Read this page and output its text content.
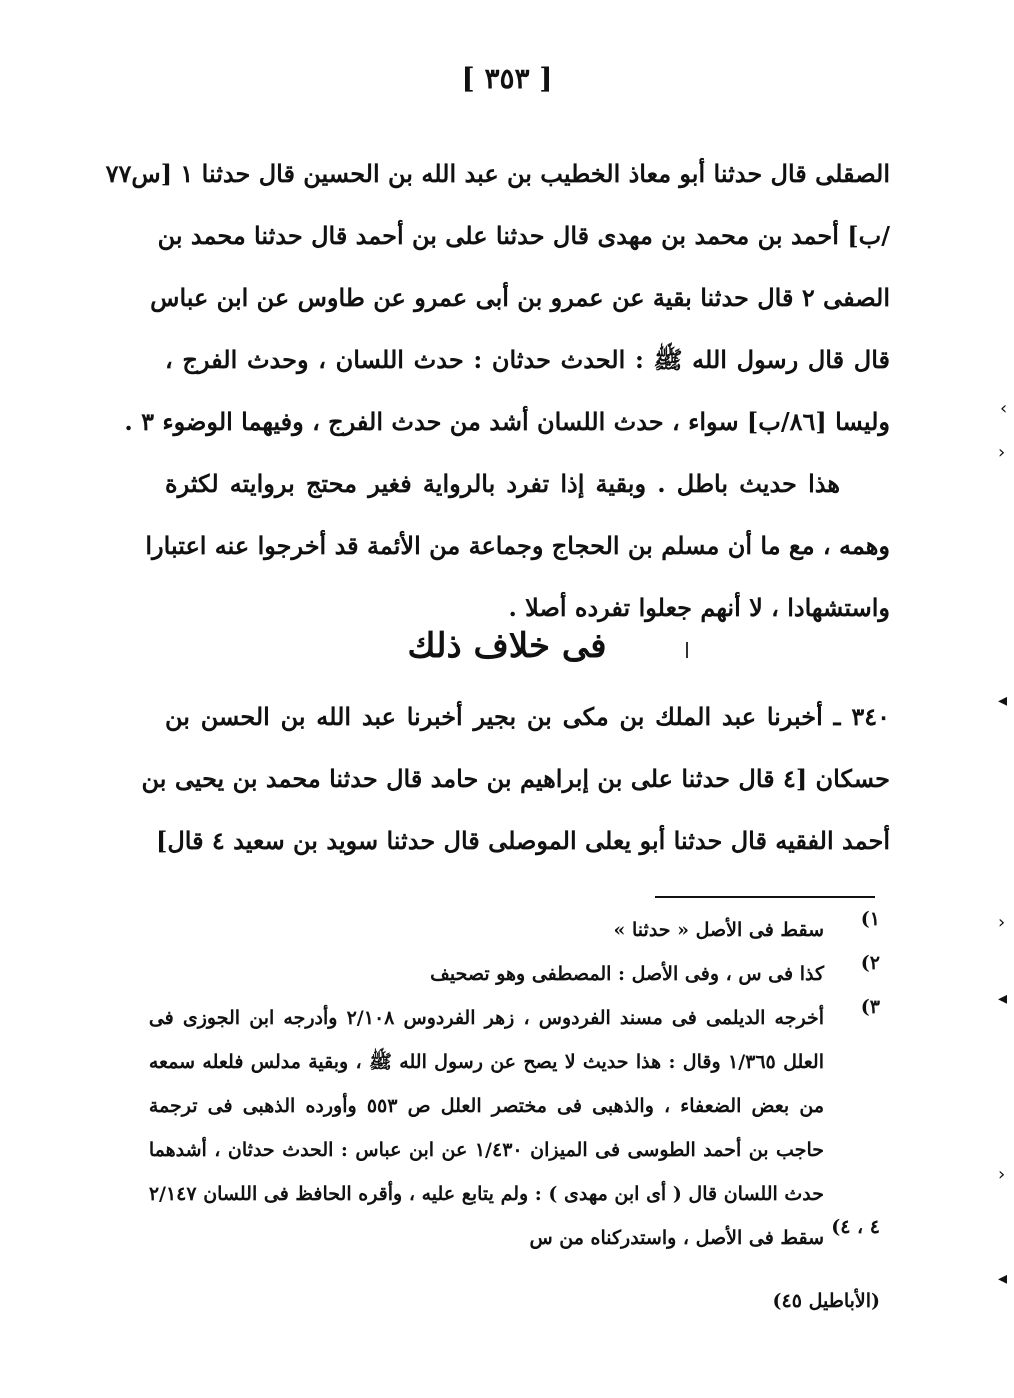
[ ٣٥٣ ]
الصقلى قال حدثنا أبو معاذ الخطيب بن عبد الله بن الحسين قال حدثنا ١ [س٧٧
/ب] أحمد بن محمد بن مهدى قال حدثنا على بن أحمد قال حدثنا محمد بن
الصفى ٢ قال حدثنا بقية عن عمرو بن أبى عمرو عن طاوس عن ابن عباس
قال قال رسول الله ﷺ : الحدث حدثان : حدث اللسان ، وحدث الفرج ،
وليسا [٨٦/ب] سواء ، حدث اللسان أشد من حدث الفرج ، وفيهما الوضوء ٣ .
هذا حديث باطل . وبقية إذا تفرد بالرواية فغير محتج بروايته لكثرة
وهمه ، مع ما أن مسلم بن الحجاج وجماعة من الأئمة قد أخرجوا عنه اعتبارا
واستشهادا ، لا أنهم جعلوا تفرده أصلا .
فى خلاف ذلك
٣٤٠ ـ أخبرنا عبد الملك بن مكى بن بجير أخبرنا عبد الله بن الحسن بن
حسكان [٤ قال حدثنا على بن إبراهيم بن حامد قال حدثنا محمد بن يحيى بن
أحمد الفقيه قال حدثنا أبو يعلى الموصلى قال حدثنا سويد بن سعيد ٤ قال]
١)
سقط فى الأصل « حدثنا »
٢)
كذا فى س ، وفى الأصل : المصطفى وهو تصحيف
٣)
أخرجه الديلمى فى مسند الفردوس ، زهر الفردوس ٢/١٠٨ وأدرجه ابن الجوزى فى
العلل ١/٣٦٥ وقال : هذا حديث لا يصح عن رسول الله ﷺ ، وبقية مدلس فلعله سمعه
من بعض الضعفاء ، والذهبى فى مختصر العلل ص ٥٥٣ وأورده الذهبى فى ترجمة
حاجب بن أحمد الطوسى فى الميزان ١/٤٣٠ عن ابن عباس : الحدث حدثان ، أشدهما
حدث اللسان قال ( أى ابن مهدى ) : ولم يتابع عليه ، وأقره الحافظ فى اللسان ٢/١٤٧
٤ ، ٤)
سقط فى الأصل ، واستدركناه من س
(الأباطيل ٤٥)
‹
›
◂
›
◂
›
◂
